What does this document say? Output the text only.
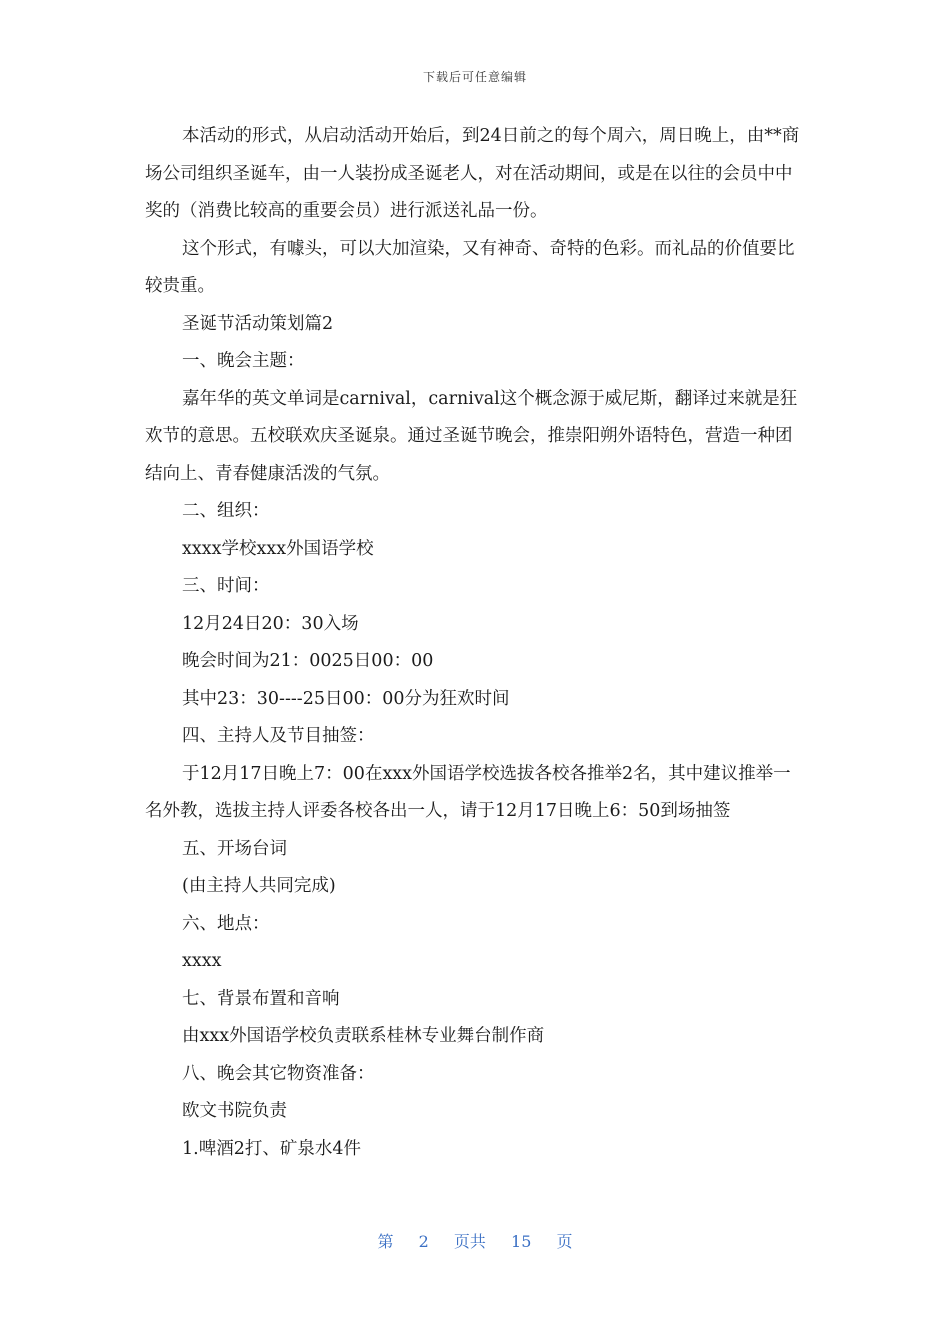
下载后可任意编辑

本活动的形式，从启动活动开始后，到24日前之的每个周六，周日晚上，由**商场公司组织圣诞车，由一人装扮成圣诞老人，对在活动期间，或是在以往的会员中中奖的（消费比较高的重要会员）进行派送礼品一份。

这个形式，有噱头，可以大加渲染，又有神奇、奇特的色彩。而礼品的价值要比较贵重。

圣诞节活动策划篇2

一、晚会主题：

嘉年华的英文单词是carnival，carnival这个概念源于威尼斯，翻译过来就是狂欢节的意思。五校联欢庆圣诞泉。通过圣诞节晚会，推崇阳朔外语特色，营造一种团结向上、青春健康活泼的气氛。

二、组织：

xxxx学校xxx外国语学校

三、时间：

12月24日20：30入场

晚会时间为21：0025日00：00

其中23：30----25日00：00分为狂欢时间

四、主持人及节目抽签：

于12月17日晚上7：00在xxx外国语学校选拔各校各推举2名，其中建议推举一名外教，选拔主持人评委各校各出一人，请于12月17日晚上6：50到场抽签

五、开场台词

(由主持人共同完成)

六、地点：

xxxx

七、背景布置和音响

由xxx外国语学校负责联系桂林专业舞台制作商

八、晚会其它物资准备：

欧文书院负责

1.啤酒2打、矿泉水4件

第 2 页共 15 页
